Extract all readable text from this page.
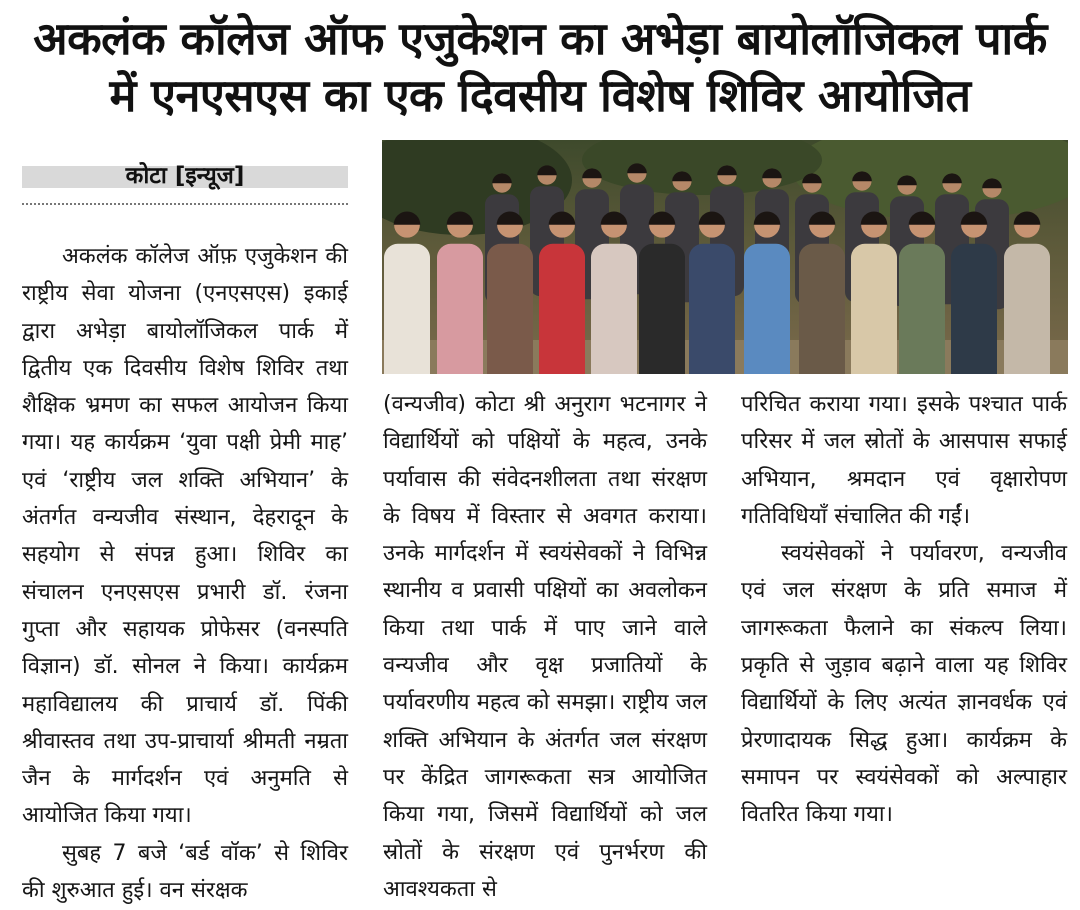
अकलंक कॉलेज ऑफ एजुकेशन का अभेड़ा बायोलॉजिकल पार्क
में एनएसएस का एक दिवसीय विशेष शिविर आयोजित
कोटा [इन्यूज]

अकलंक कॉलेज ऑफ़ एजुकेशन की राष्ट्रीय सेवा योजना (एनएसएस) इकाई द्वारा अभेड़ा बायोलॉजिकल पार्क में द्वितीय एक दिवसीय विशेष शिविर तथा शैक्षिक भ्रमण का सफल आयोजन किया गया। यह कार्यक्रम ‘युवा पक्षी प्रेमी माह’ एवं ‘राष्ट्रीय जल शक्ति अभियान’ के अंतर्गत वन्यजीव संस्थान, देहरादून के सहयोग से संपन्न हुआ। शिविर का संचालन एनएसएस प्रभारी डॉ. रंजना गुप्ता और सहायक प्रोफेसर (वनस्पति विज्ञान) डॉ. सोनल ने किया। कार्यक्रम महाविद्यालय की प्राचार्य डॉ. पिंकी श्रीवास्तव तथा उप-प्राचार्या श्रीमती नम्रता जैन के मार्गदर्शन एवं अनुमति से आयोजित किया गया।

सुबह 7 बजे ‘बर्ड वॉक’ से शिविर की शुरुआत हुई। वन संरक्षक

(वन्यजीव) कोटा श्री अनुराग भटनागर ने विद्यार्थियों को पक्षियों के महत्व, उनके पर्यावास की संवेदनशीलता तथा संरक्षण के विषय में विस्तार से अवगत कराया। उनके मार्गदर्शन में स्वयंसेवकों ने विभिन्न स्थानीय व प्रवासी पक्षियों का अवलोकन किया तथा पार्क में पाए जाने वाले वन्यजीव और वृक्ष प्रजातियों के पर्यावरणीय महत्व को समझा। राष्ट्रीय जल शक्ति अभियान के अंतर्गत जल संरक्षण पर केंद्रित जागरूकता सत्र आयोजित किया गया, जिसमें विद्यार्थियों को जल स्रोतों के संरक्षण एवं पुनर्भरण की आवश्यकता से

परिचित कराया गया। इसके पश्चात पार्क परिसर में जल स्रोतों के आसपास सफाई अभियान, श्रमदान एवं वृक्षारोपण गतिविधियाँ संचालित की गईं।

स्वयंसेवकों ने पर्यावरण, वन्यजीव एवं जल संरक्षण के प्रति समाज में जागरूकता फैलाने का संकल्प लिया। प्रकृति से जुड़ाव बढ़ाने वाला यह शिविर विद्यार्थियों के लिए अत्यंत ज्ञानवर्धक एवं प्रेरणादायक सिद्ध हुआ। कार्यक्रम के समापन पर स्वयंसेवकों को अल्पाहार वितरित किया गया।
